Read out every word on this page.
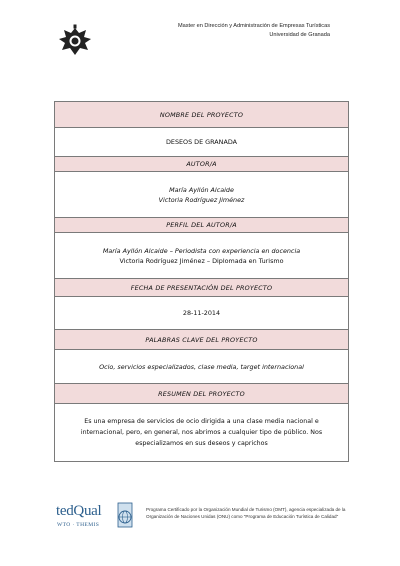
Master en Dirección y Administración de Empresas Turísticas
Universidad de Granada
NOMBRE DEL PROYECTO
DESEOS DE GRANADA
AUTOR/A
María Ayllón Alcaide
Victoria Rodríguez Jiménez
PERFIL DEL AUTOR/A
María Ayllón Alcaide – Periodista con experiencia en docencia
Victoria Rodríguez Jiménez – Diplomada en Turismo
FECHA DE PRESENTACIÓN DEL PROYECTO
28-11-2014
PALABRAS CLAVE DEL PROYECTO
Ocio, servicios especializados, clase media, target internacional
RESUMEN DEL PROYECTO
Es una empresa de servicios de ocio dirigida a una clase media nacional e internacional, pero, en general, nos abrimos a cualquier tipo de público. Nos especializamos en sus deseos y caprichos
tedQual
WTO · THEMIS
Programa Certificado por la Organización Mundial de Turismo (OMT), agencia especializada de la Organización de Naciones Unidas (ONU) como "Programa de Educación Turística de Calidad"
